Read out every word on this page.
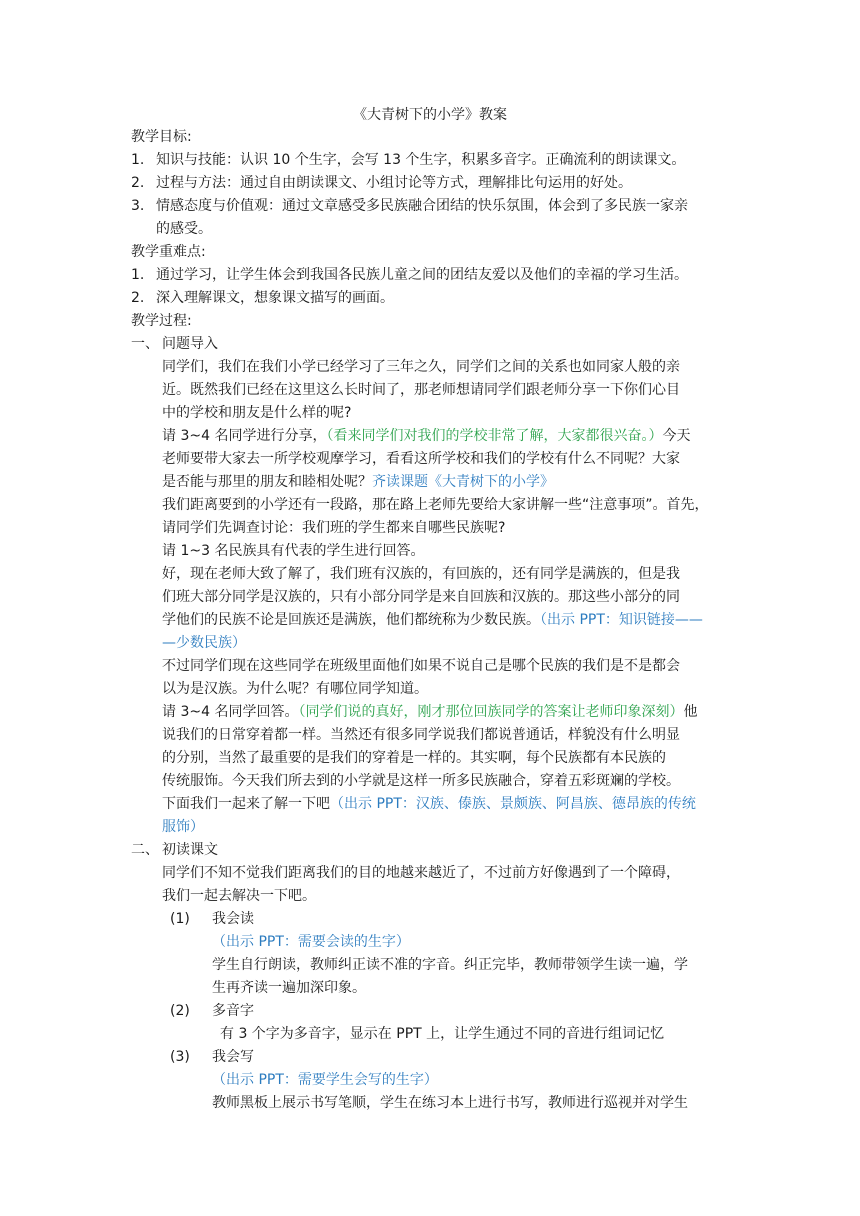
《大青树下的小学》教案
教学目标:
1. 知识与技能：认识 10 个生字，会写 13 个生字，积累多音字。正确流利的朗读课文。
2. 过程与方法：通过自由朗读课文、小组讨论等方式，理解排比句运用的好处。
3. 情感态度与价值观：通过文章感受多民族融合团结的快乐氛围，体会到了多民族一家亲
的感受。
教学重难点:
1. 通过学习，让学生体会到我国各民族儿童之间的团结友爱以及他们的幸福的学习生活。
2. 深入理解课文，想象课文描写的画面。
教学过程:
一、 问题导入
同学们，我们在我们小学已经学习了三年之久，同学们之间的关系也如同家人般的亲
近。既然我们已经在这里这么长时间了，那老师想请同学们跟老师分享一下你们心目
中的学校和朋友是什么样的呢?
请 3~4 名同学进行分享，（看来同学们对我们的学校非常了解，大家都很兴奋。）今天
老师要带大家去一所学校观摩学习，看看这所学校和我们的学校有什么不同呢？大家
是否能与那里的朋友和睦相处呢？齐读课题《大青树下的小学》
我们距离要到的小学还有一段路，那在路上老师先要给大家讲解一些“注意事项”。首先，
请同学们先调查讨论：我们班的学生都来自哪些民族呢?
请 1~3 名民族具有代表的学生进行回答。
好，现在老师大致了解了，我们班有汉族的，有回族的，还有同学是满族的，但是我
们班大部分同学是汉族的，只有小部分同学是来自回族和汉族的。那这些小部分的同
学他们的民族不论是回族还是满族，他们都统称为少数民族。（出示 PPT：知识链接——
—少数民族）
不过同学们现在这些同学在班级里面他们如果不说自己是哪个民族的我们是不是都会
以为是汉族。为什么呢？有哪位同学知道。
请 3~4 名同学回答。（同学们说的真好，刚才那位回族同学的答案让老师印象深刻）他
说我们的日常穿着都一样。当然还有很多同学说我们都说普通话，样貌没有什么明显
的分别，当然了最重要的是我们的穿着是一样的。其实啊，每个民族都有本民族的
传统服饰。今天我们所去到的小学就是这样一所多民族融合，穿着五彩斑斓的学校。
下面我们一起来了解一下吧（出示 PPT：汉族、傣族、景颇族、阿昌族、德昂族的传统
服饰）
二、 初读课文
同学们不知不觉我们距离我们的目的地越来越近了，不过前方好像遇到了一个障碍，
我们一起去解决一下吧。
(1) 我会读
（出示 PPT：需要会读的生字）
学生自行朗读，教师纠正读不准的字音。纠正完毕，教师带领学生读一遍，学
生再齐读一遍加深印象。
(2) 多音字
有 3 个字为多音字，显示在 PPT 上，让学生通过不同的音进行组词记忆
(3) 我会写
（出示 PPT：需要学生会写的生字）
教师黑板上展示书写笔顺，学生在练习本上进行书写，教师进行巡视并对学生
